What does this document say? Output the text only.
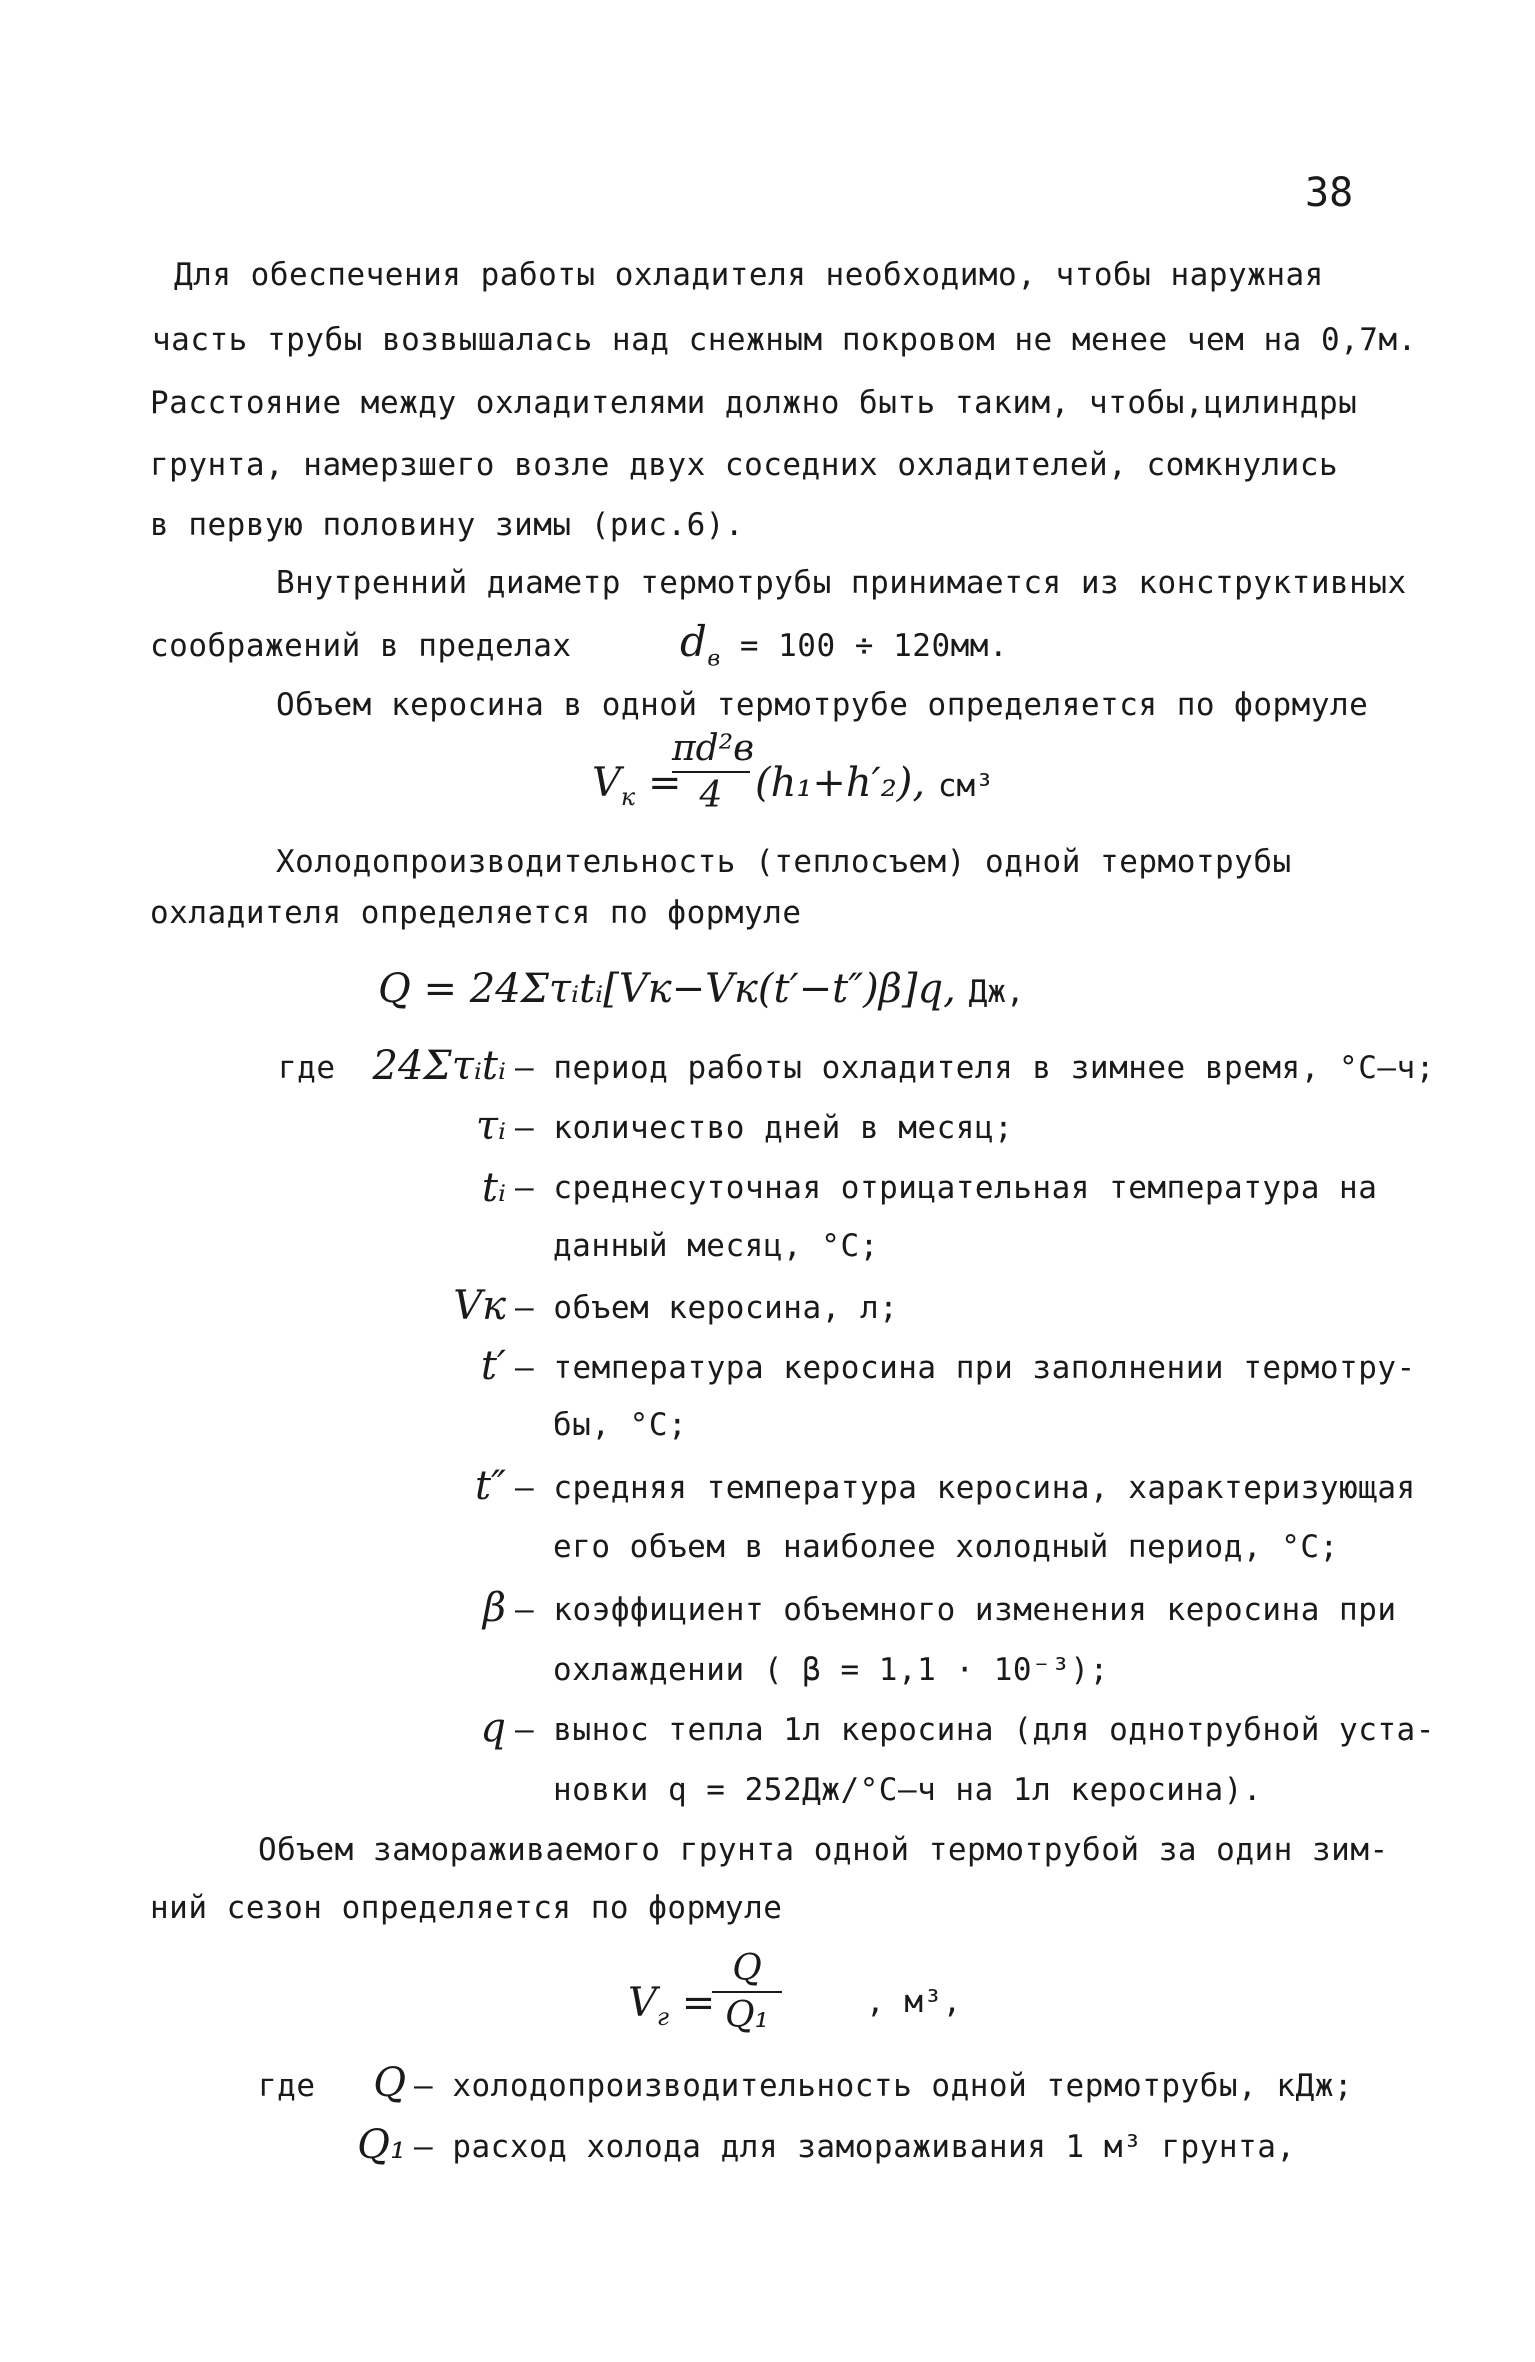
38
Для обеспечения работы охладителя необходимо, чтобы наружная
часть трубы возвышалась над снежным покровом не менее чем на 0,7м.
Расстояние между охладителями должно быть таким, чтобы,цилиндры
грунта, намерзшего возле двух соседних охладителей, сомкнулись
в первую половину зимы (рис.6).
Внутренний диаметр термотрубы принимается из конструктивных
соображений в пределах	$d_в = 100 \div 120мм$.
Объем керосина в одной термотрубе определяется по формуле
$V_к$ =
πd²в
4 (h₁+h′₂), см³
Холодопроизводительность (теплосъем) одной термотрубы
охладителя определяется по формуле
Q = 24Στᵢtᵢ[Vк−Vк(t′−t″)β]q, Дж,
где 24Στᵢtᵢ – период работы охладителя в зимнее время, °С–ч;
τᵢ – количество дней в месяц;
tᵢ – среднесуточная отрицательная температура на
данный месяц, °С;
Vк – объем керосина, л;
t′ – температура керосина при заполнении термотру-
бы, °С;
t″ – средняя температура керосина, характеризующая
его объем в наиболее холодный период, °С;
β – коэффициент объемного изменения керосина при
охлаждении ( β = 1,1 · 10⁻³);
q – вынос тепла 1л керосина (для однотрубной уста-
новки q = 252Дж/°С–ч на 1л керосина).
Объем замораживаемого грунта одной термотрубой за один зим-
ний сезон определяется по формуле
$V_г$ =
Q
Q₁	, м³,
где	Q – холодопроизводительность одной термотрубы, кДж;
Q₁ – расход холода для замораживания 1 м³ грунта,
